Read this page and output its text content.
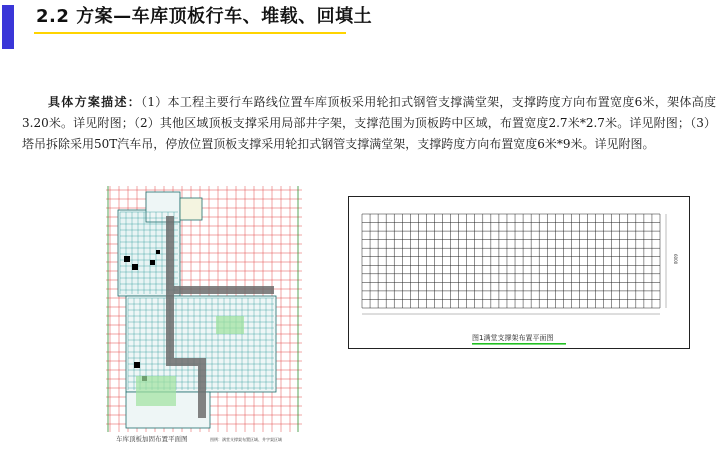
2.2 方案—车库顶板行车、堆载、回填土

具体方案描述：（1）本工程主要行车路线位置车库顶板采用轮扣式钢管支撑满堂架，支撑跨度方向布置宽度6米，架体高度3.20米。详见附图；（2）其他区域顶板支撑采用局部井字架，支撑范围为顶板跨中区域，布置宽度2.7米*2.7米。详见附图；（3）塔吊拆除采用50T汽车吊，停放位置顶板支撑采用轮扣式钢管支撑满堂架，支撑跨度方向布置宽度6米*9米。详见附图。

车库顶板加固布置平面图	图例：满堂支撑架布置区域、井字架区域
6000
图1满堂支撑架布置平面图
